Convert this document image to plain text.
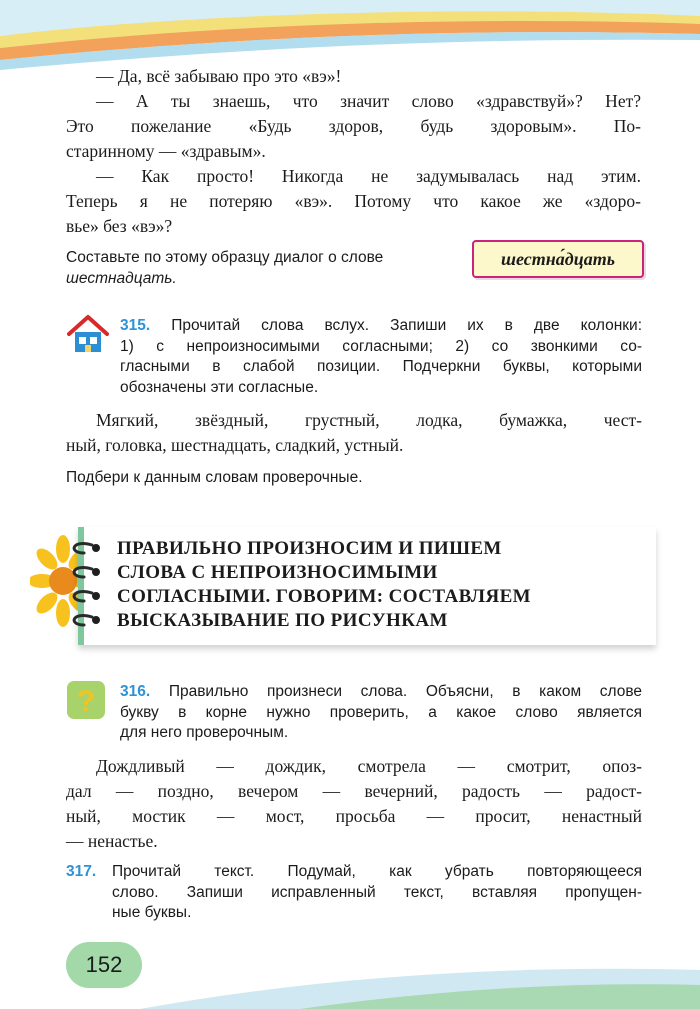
— Да, всё забываю про это «вэ»!
— А ты знаешь, что значит слово «здравствуй»? Нет?
Это пожелание «Будь здоров, будь здоровым». По-
старинному — «здравым».
— Как просто! Никогда не задумывалась над этим.
Теперь я не потеряю «вэ». Потому что какое же «здоро-
вье» без «вэ»?
Составьте по этому образцу диалог о слове
шестнадцать.
шестна́дцать
315. Прочитай слова вслух. Запиши их в две колонки:
1) с непроизносимыми согласными; 2) со звонкими со-
гласными в слабой позиции. Подчеркни буквы, которыми
обозначены эти согласные.
Мягкий, звёздный, грустный, лодка, бумажка, чест-
ный, головка, шестнадцать, сладкий, устный.
Подбери к данным словам проверочные.
ПРАВИЛЬНО ПРОИЗНОСИМ И ПИШЕМ
СЛОВА С НЕПРОИЗНОСИМЫМИ
СОГЛАСНЫМИ. ГОВОРИМ: СОСТАВЛЯЕМ
ВЫСКАЗЫВАНИЕ ПО РИСУНКАМ
? 316. Правильно произнеси слова. Объясни, в каком слове
букву в корне нужно проверить, а какое слово является
для него проверочным.
Дождливый — дождик, смотрела — смотрит, опоз-
дал — поздно, вечером — вечерний, радость — радост-
ный, мостик — мост, просьба — просит, ненастный
— ненастье.
317. Прочитай текст. Подумай, как убрать повторяющееся
слово. Запиши исправленный текст, вставляя пропущен-
ные буквы.
152
